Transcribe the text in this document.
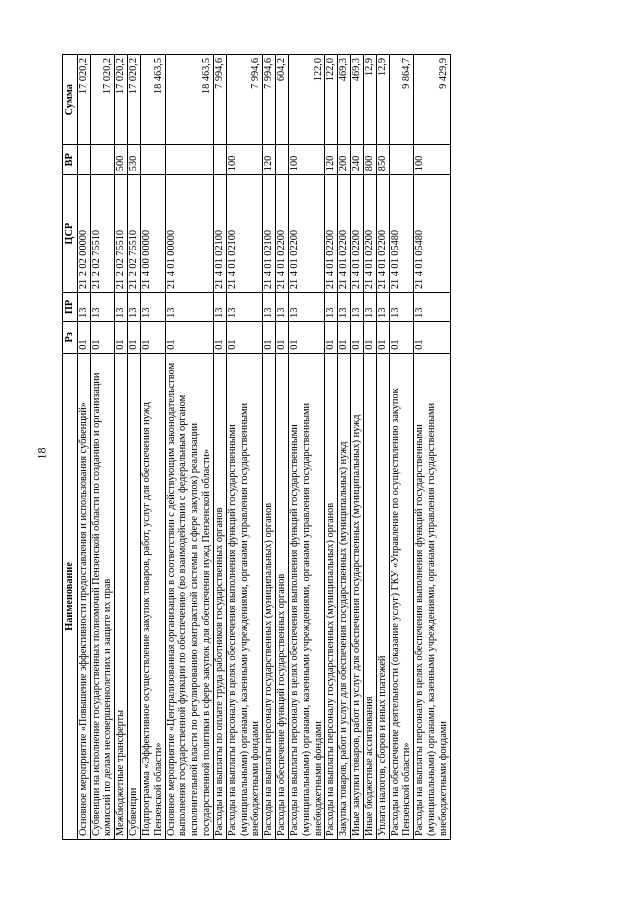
18
Наименование	Рз	ПР	ЦСР	ВР	Сумма
Основное мероприятие «Повышение эффективности предоставления и использования субвенций»	01	13	21 2 02 00000		17 020,2
Субвенции на исполнение государственных полномочий Пензенской области по созданию и организации комиссий по делам несовершеннолетних и защите их прав	01	13	21 2 02 75510		17 020,2
Межбюджетные трансферты	01	13	21 2 02 75510	500	17 020,2
Субвенции	01	13	21 2 02 75510	530	17 020,2
Подпрограмма «Эффективное осуществление закупок товаров, работ, услуг для обеспечения нужд Пензенской области»	01	13	21 4 00 00000		18 463,5
Основное мероприятие «Централизованная организация в соответствии с действующим законодательством выполнения государственной функции по обеспечению (во взаимодействии с федеральным органом исполнительной власти по регулированию контрактной системы в сфере закупок) реализации государственной политики в сфере закупок для обеспечения нужд Пензенской области»	01	13	21 4 01 00000		18 463,5
Расходы на выплаты по оплате труда работников государственных органов	01	13	21 4 01 02100		7 994,6
Расходы на выплаты персоналу в целях обеспечения выполнения функций государственными (муниципальными) органами, казенными учреждениями, органами управления государственными внебюджетными фондами	01	13	21 4 01 02100	100	7 994,6
Расходы на выплаты персоналу государственных (муниципальных) органов	01	13	21 4 01 02100	120	7 994,6
Расходы на обеспечение функций государственных органов	01	13	21 4 01 02200		604,2
Расходы на выплаты персоналу в целях обеспечения выполнения функций государственными (муниципальными) органами, казенными учреждениями, органами управления государственными внебюджетными фондами	01	13	21 4 01 02200	100	122,0
Расходы на выплаты персоналу государственных (муниципальных) органов	01	13	21 4 01 02200	120	122,0
Закупка товаров, работ и услуг для обеспечения государственных (муниципальных) нужд	01	13	21 4 01 02200	200	469,3
Иные закупки товаров, работ и услуг для обеспечения государственных (муниципальных) нужд	01	13	21 4 01 02200	240	469,3
Иные бюджетные ассигнования	01	13	21 4 01 02200	800	12,9
Уплата налогов, сборов и иных платежей	01	13	21 4 01 02200	850	12,9
Расходы на обеспечение деятельности (оказание услуг) ГКУ «Управление по осуществлению закупок Пензенской области»	01	13	21 4 01 05480		9 864,7
Расходы на выплаты персоналу в целях обеспечения выполнения функций государственными (муниципальными) органами, казенными учреждениями, органами управления государственными внебюджетными фондами	01	13	21 4 01 05480	100	9 429,9
